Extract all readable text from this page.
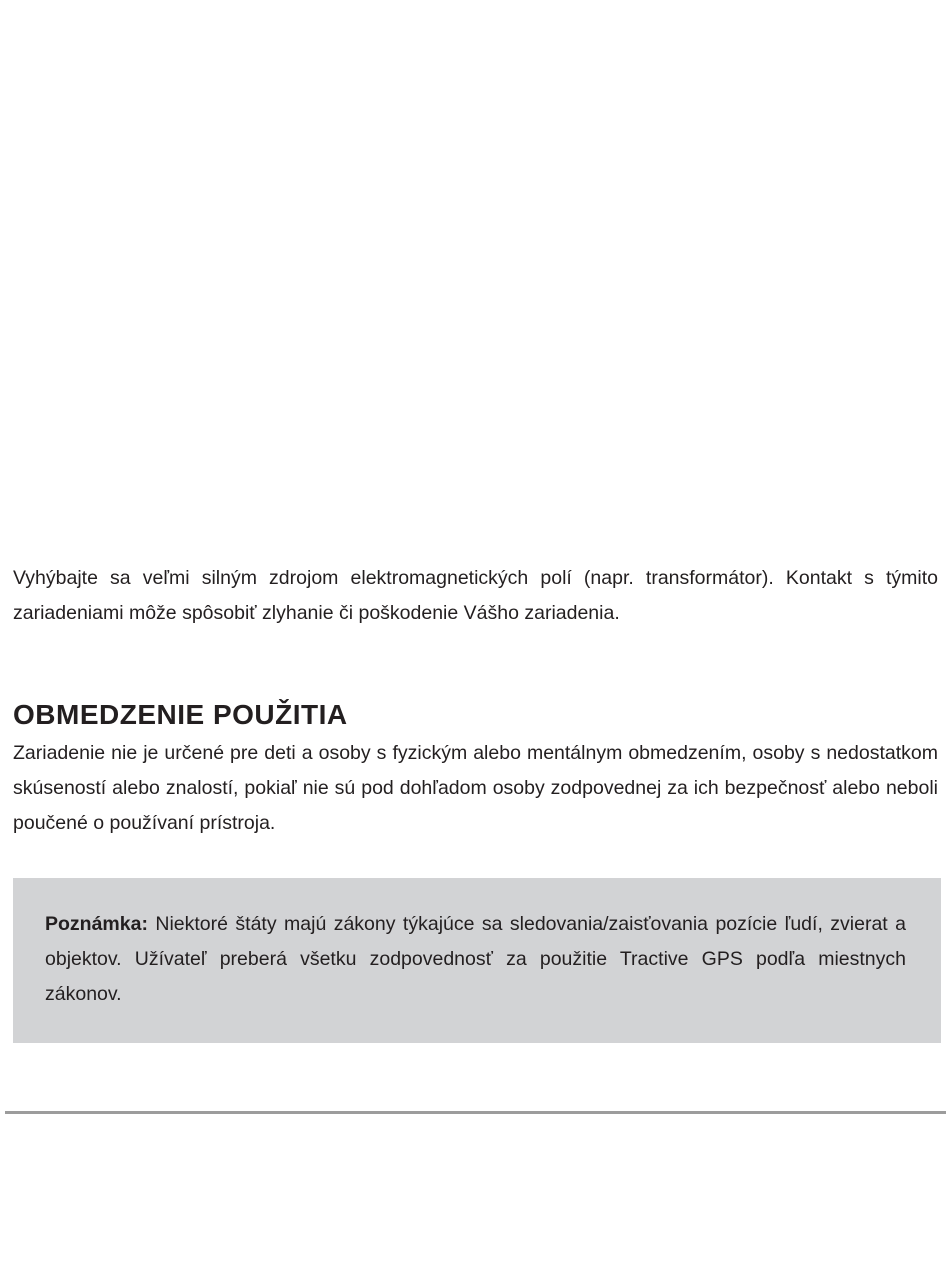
Vyhýbajte sa veľmi silným zdrojom elektromagnetických polí (napr. transformátor). Kontakt s týmito zariadeniami môže spôsobiť zlyhanie či poškodenie Vášho zariadenia.

OBMEDZENIE POUŽITIA

Zariadenie nie je určené pre deti a osoby s fyzickým alebo mentálnym obmedzením, osoby s nedostatkom skúseností alebo znalostí, pokiaľ nie sú pod dohľadom osoby zodpovednej za ich bezpečnosť alebo neboli poučené o používaní prístroja.

Poznámka: Niektoré štáty majú zákony týkajúce sa sledovania/zaisťovania pozície ľudí, zvierat a objektov. Užívateľ preberá všetku zodpovednosť za použitie Tractive GPS podľa miestnych zákonov.
